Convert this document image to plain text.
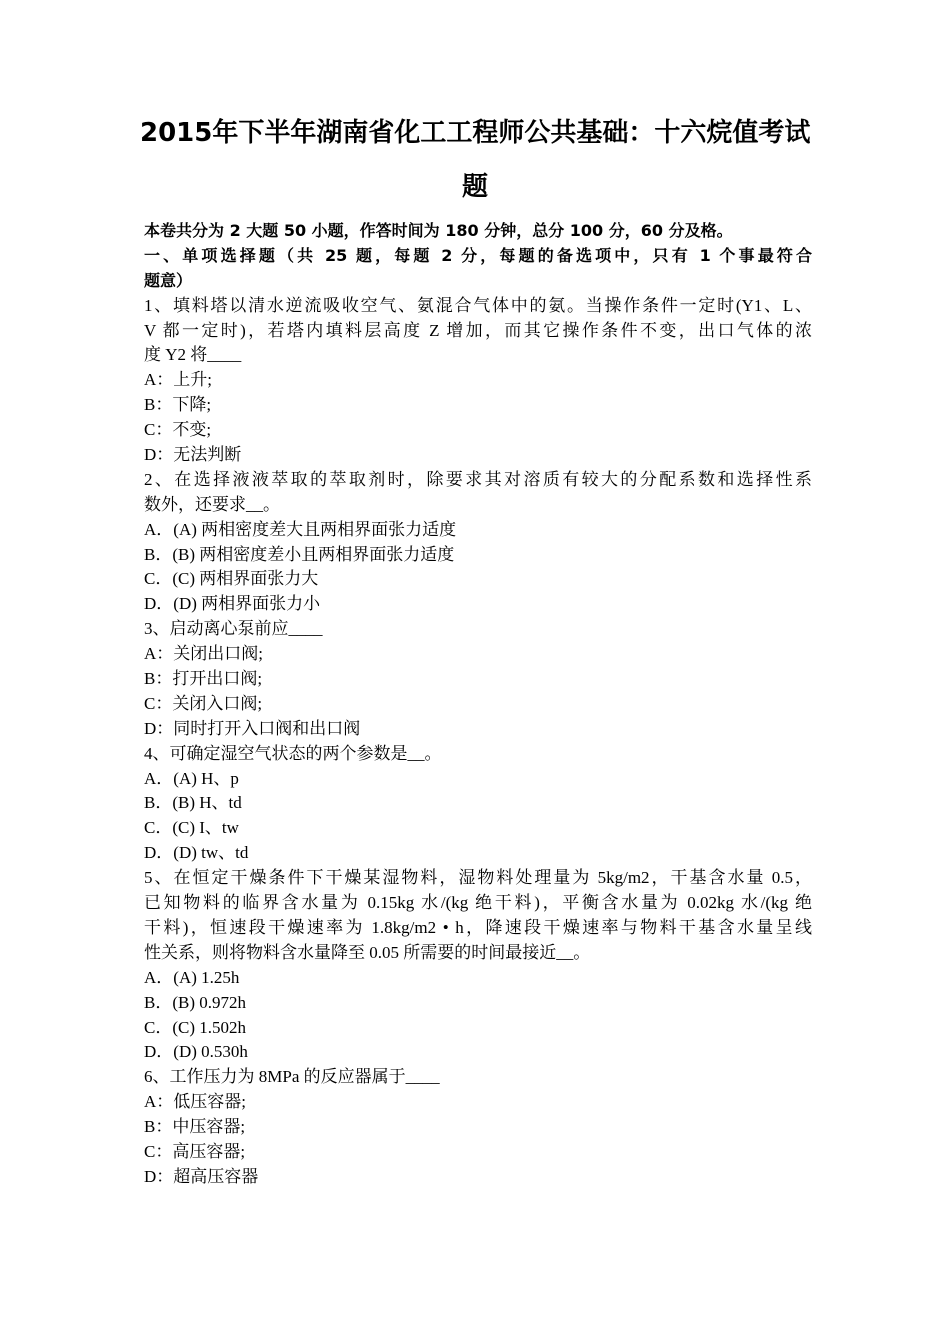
2015年下半年湖南省化工工程师公共基础：十六烷值考试
题
本卷共分为 2 大题 50 小题，作答时间为 180 分钟，总分 100 分，60 分及格。
一、单项选择题（共 25 题，每题 2 分，每题的备选项中，只有 1 个事最符合
题意）
1、填料塔以清水逆流吸收空气、氨混合气体中的氨。当操作条件一定时(Y1、L、
V 都一定时)，若塔内填料层高度 Z 增加，而其它操作条件不变，出口气体的浓
度 Y2 将____
A：上升;
B：下降;
C：不变;
D：无法判断
2、在选择液液萃取的萃取剂时，除要求其对溶质有较大的分配系数和选择性系
数外，还要求__。
A．(A) 两相密度差大且两相界面张力适度
B．(B) 两相密度差小且两相界面张力适度
C．(C) 两相界面张力大
D．(D) 两相界面张力小
3、启动离心泵前应____
A：关闭出口阀;
B：打开出口阀;
C：关闭入口阀;
D：同时打开入口阀和出口阀
4、可确定湿空气状态的两个参数是__。
A．(A) H、p
B．(B) H、td
C．(C) I、tw
D．(D) tw、td
5、在恒定干燥条件下干燥某湿物料，湿物料处理量为 5kg/m2，干基含水量 0.5，
已知物料的临界含水量为 0.15kg 水/(kg 绝干料)，平衡含水量为 0.02kg 水/(kg 绝
干料)，恒速段干燥速率为 1.8kg/m2 • h，降速段干燥速率与物料干基含水量呈线
性关系，则将物料含水量降至 0.05 所需要的时间最接近__。
A．(A) 1.25h
B．(B) 0.972h
C．(C) 1.502h
D．(D) 0.530h
6、工作压力为 8MPa 的反应器属于____
A：低压容器;
B：中压容器;
C：高压容器;
D：超高压容器
